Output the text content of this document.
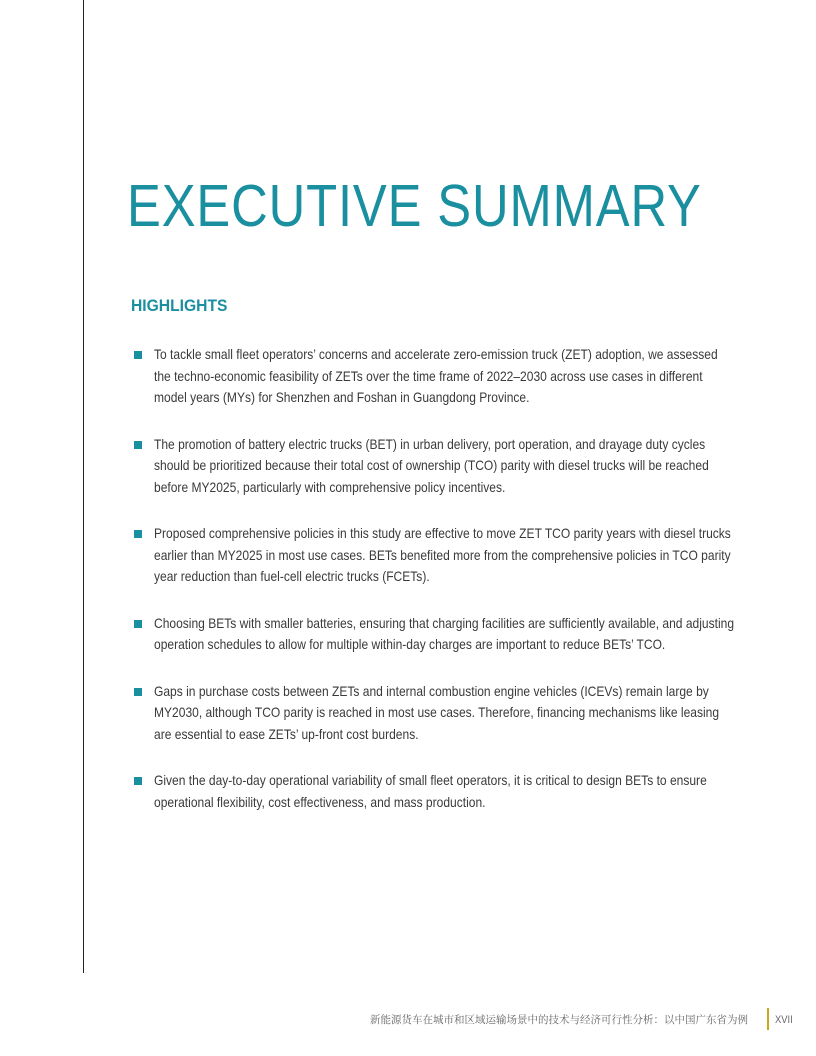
EXECUTIVE SUMMARY
HIGHLIGHTS
To tackle small fleet operators’ concerns and accelerate zero-emission truck (ZET) adoption, we assessed the techno-economic feasibility of ZETs over the time frame of 2022–2030 across use cases in different model years (MYs) for Shenzhen and Foshan in Guangdong Province.
The promotion of battery electric trucks (BET) in urban delivery, port operation, and drayage duty cycles should be prioritized because their total cost of ownership (TCO) parity with diesel trucks will be reached before MY2025, particularly with comprehensive policy incentives.
Proposed comprehensive policies in this study are effective to move ZET TCO parity years with diesel trucks earlier than MY2025 in most use cases. BETs benefited more from the comprehensive policies in TCO parity year reduction than fuel-cell electric trucks (FCETs).
Choosing BETs with smaller batteries, ensuring that charging facilities are sufficiently available, and adjusting operation schedules to allow for multiple within-day charges are important to reduce BETs’ TCO.
Gaps in purchase costs between ZETs and internal combustion engine vehicles (ICEVs) remain large by MY2030, although TCO parity is reached in most use cases. Therefore, financing mechanisms like leasing are essential to ease ZETs’ up-front cost burdens.
Given the day-to-day operational variability of small fleet operators, it is critical to design BETs to ensure operational flexibility, cost effectiveness, and mass production.
新能源货车在城市和区域运输场景中的技术与经济可行性分析：以中国广东省为例 XVII
